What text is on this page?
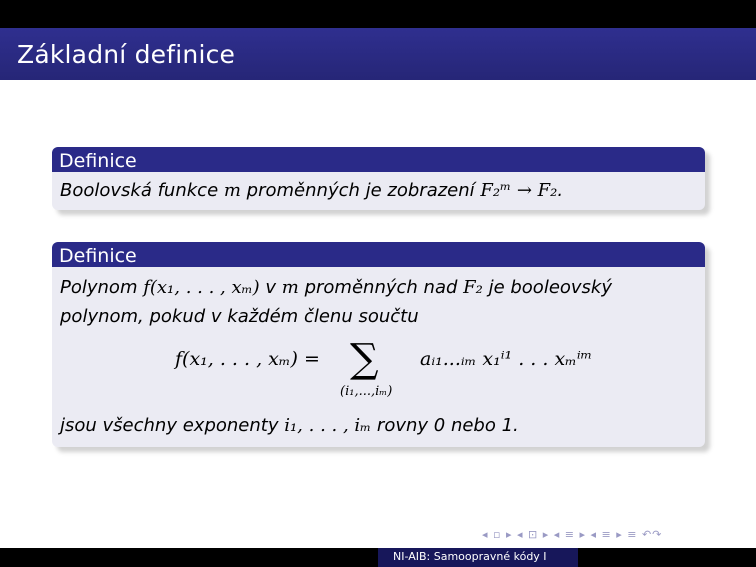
Základní definice
Definice
Boolovská funkce m proměnných je zobrazení F₂ᵐ → F₂.
Definice
Polynom f(x₁, . . . , xₘ) v m proměnných nad F₂ je booleovský
polynom, pokud v každém členu součtu
f(x₁, . . . , xₘ) = ∑
(i₁,...,iₘ)
aᵢ₁...ᵢₘ x₁ⁱ¹ . . . xₘⁱᵐ
jsou všechny exponenty i₁, . . . , iₘ rovny 0 nebo 1.
◂ ▫ ▸ ◂ ⊡ ▸ ◂ ≡ ▸ ◂ ≡ ▸ ≡ ↶↷
NI-AIB: Samoopravné kódy I
